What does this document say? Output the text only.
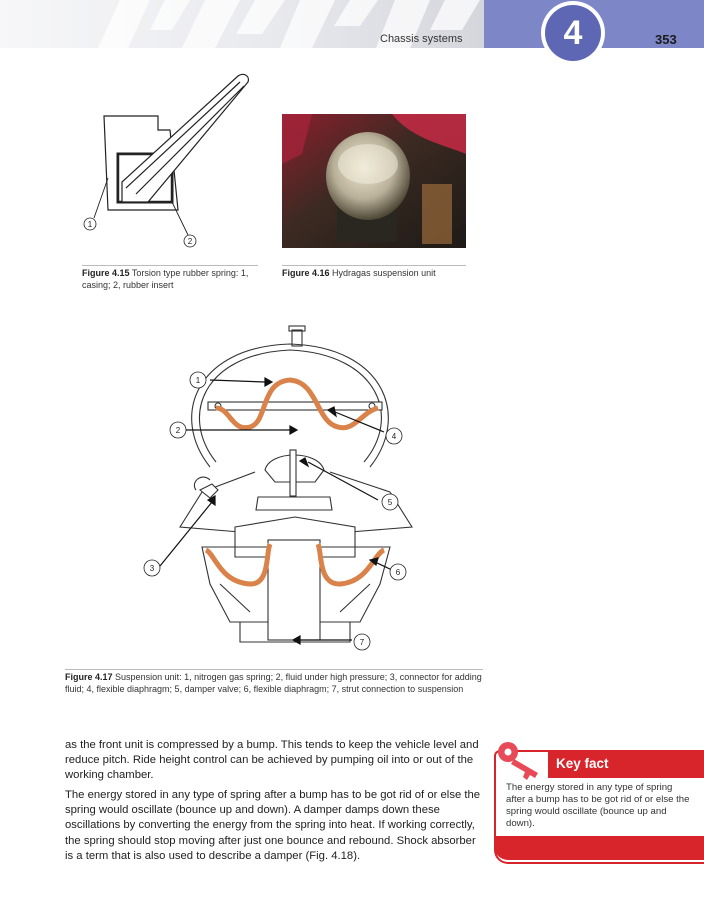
Chassis systems	4	353
1
2
Figure 4.15 Torsion type rubber spring: 1, casing; 2, rubber insert
Figure 4.16 Hydragas suspension unit
1
2
3
4
5
6
7
Figure 4.17 Suspension unit: 1, nitrogen gas spring; 2, fluid under high pressure; 3, connector for adding fluid; 4, flexible diaphragm; 5, damper valve; 6, flexible diaphragm; 7, strut connection to suspension

as the front unit is compressed by a bump. This tends to keep the vehicle level and reduce pitch. Ride height control can be achieved by pumping oil into or out of the working chamber.

The energy stored in any type of spring after a bump has to be got rid of or else the spring would oscillate (bounce up and down). A damper damps down these oscillations by converting the energy from the spring into heat. If working correctly, the spring should stop moving after just one bounce and rebound. Shock absorber is a term that is also used to describe a damper (Fig. 4.18).

Key fact
The energy stored in any type of spring after a bump has to be got rid of or else the spring would oscillate (bounce up and down).
